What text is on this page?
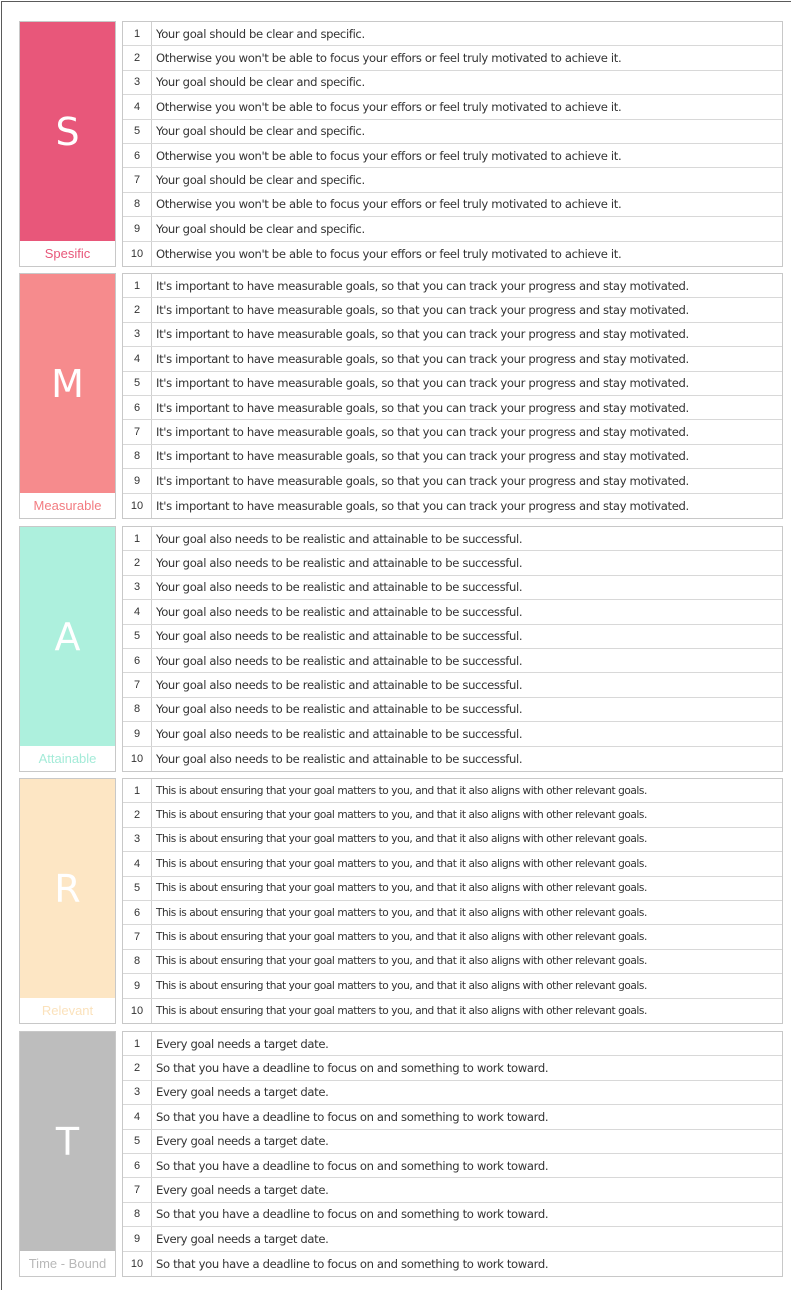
S
Spesific
1	Your goal should be clear and specific.
2	Otherwise you won't be able to focus your effors or feel truly motivated to achieve it.
3	Your goal should be clear and specific.
4	Otherwise you won't be able to focus your effors or feel truly motivated to achieve it.
5	Your goal should be clear and specific.
6	Otherwise you won't be able to focus your effors or feel truly motivated to achieve it.
7	Your goal should be clear and specific.
8	Otherwise you won't be able to focus your effors or feel truly motivated to achieve it.
9	Your goal should be clear and specific.
10	Otherwise you won't be able to focus your effors or feel truly motivated to achieve it.
M
Measurable
1	It's important to have measurable goals, so that you can track your progress and stay motivated.
2	It's important to have measurable goals, so that you can track your progress and stay motivated.
3	It's important to have measurable goals, so that you can track your progress and stay motivated.
4	It's important to have measurable goals, so that you can track your progress and stay motivated.
5	It's important to have measurable goals, so that you can track your progress and stay motivated.
6	It's important to have measurable goals, so that you can track your progress and stay motivated.
7	It's important to have measurable goals, so that you can track your progress and stay motivated.
8	It's important to have measurable goals, so that you can track your progress and stay motivated.
9	It's important to have measurable goals, so that you can track your progress and stay motivated.
10	It's important to have measurable goals, so that you can track your progress and stay motivated.
A
Attainable
1	Your goal also needs to be realistic and attainable to be successful.
2	Your goal also needs to be realistic and attainable to be successful.
3	Your goal also needs to be realistic and attainable to be successful.
4	Your goal also needs to be realistic and attainable to be successful.
5	Your goal also needs to be realistic and attainable to be successful.
6	Your goal also needs to be realistic and attainable to be successful.
7	Your goal also needs to be realistic and attainable to be successful.
8	Your goal also needs to be realistic and attainable to be successful.
9	Your goal also needs to be realistic and attainable to be successful.
10	Your goal also needs to be realistic and attainable to be successful.
R
Relevant
1	This is about ensuring that your goal matters to you, and that it also aligns with other relevant goals.
2	This is about ensuring that your goal matters to you, and that it also aligns with other relevant goals.
3	This is about ensuring that your goal matters to you, and that it also aligns with other relevant goals.
4	This is about ensuring that your goal matters to you, and that it also aligns with other relevant goals.
5	This is about ensuring that your goal matters to you, and that it also aligns with other relevant goals.
6	This is about ensuring that your goal matters to you, and that it also aligns with other relevant goals.
7	This is about ensuring that your goal matters to you, and that it also aligns with other relevant goals.
8	This is about ensuring that your goal matters to you, and that it also aligns with other relevant goals.
9	This is about ensuring that your goal matters to you, and that it also aligns with other relevant goals.
10	This is about ensuring that your goal matters to you, and that it also aligns with other relevant goals.
T
Time - Bound
1	Every goal needs a target date.
2	So that you have a deadline to focus on and something to work toward.
3	Every goal needs a target date.
4	So that you have a deadline to focus on and something to work toward.
5	Every goal needs a target date.
6	So that you have a deadline to focus on and something to work toward.
7	Every goal needs a target date.
8	So that you have a deadline to focus on and something to work toward.
9	Every goal needs a target date.
10	So that you have a deadline to focus on and something to work toward.
